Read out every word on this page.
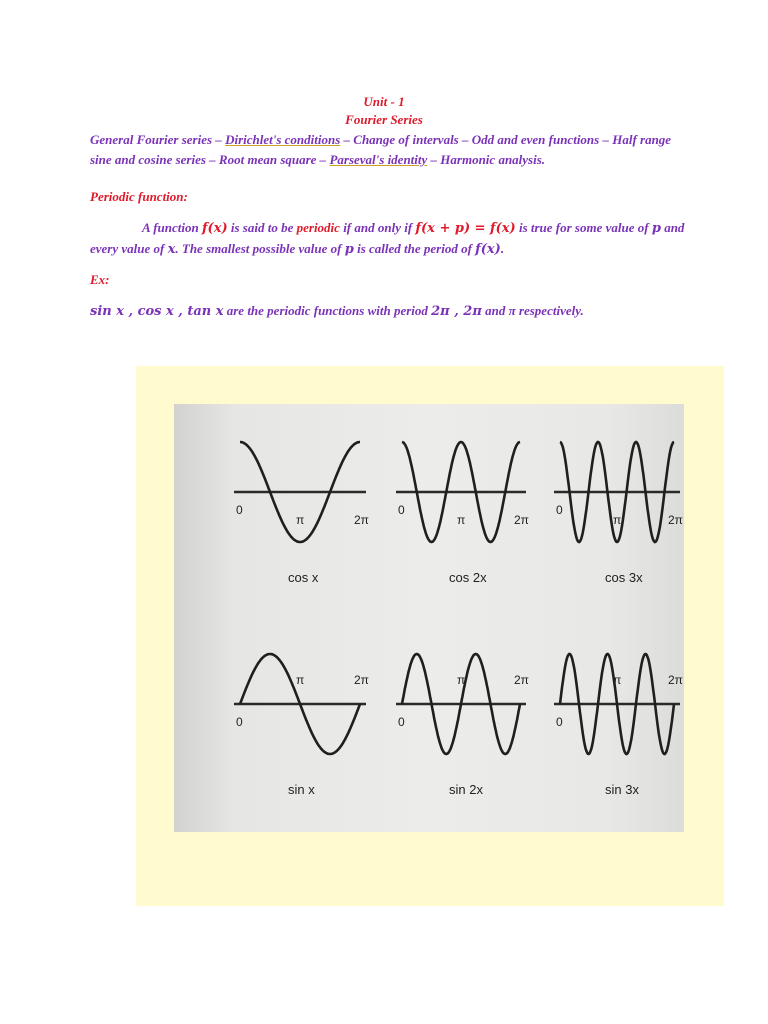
Unit - 1
Fourier Series
General Fourier series – Dirichlet's conditions – Change of intervals – Odd and even functions – Half range sine and cosine series – Root mean square – Parseval's identity – Harmonic analysis.
Periodic function:
A function f(x) is said to be periodic if and only if f(x + p) = f(x) is true for some value of p and every value of x. The smallest possible value of p is called the period of f(x).
Ex:
sin x , cos x , tan x are the periodic functions with period 2π , 2π and π respectively.
0
π	2π
cos x
0
π	2π
cos 2x
0
π	2π
cos 3x
0
π	2π
sin x
0
π	2π
sin 2x
0
π	2π
sin 3x
